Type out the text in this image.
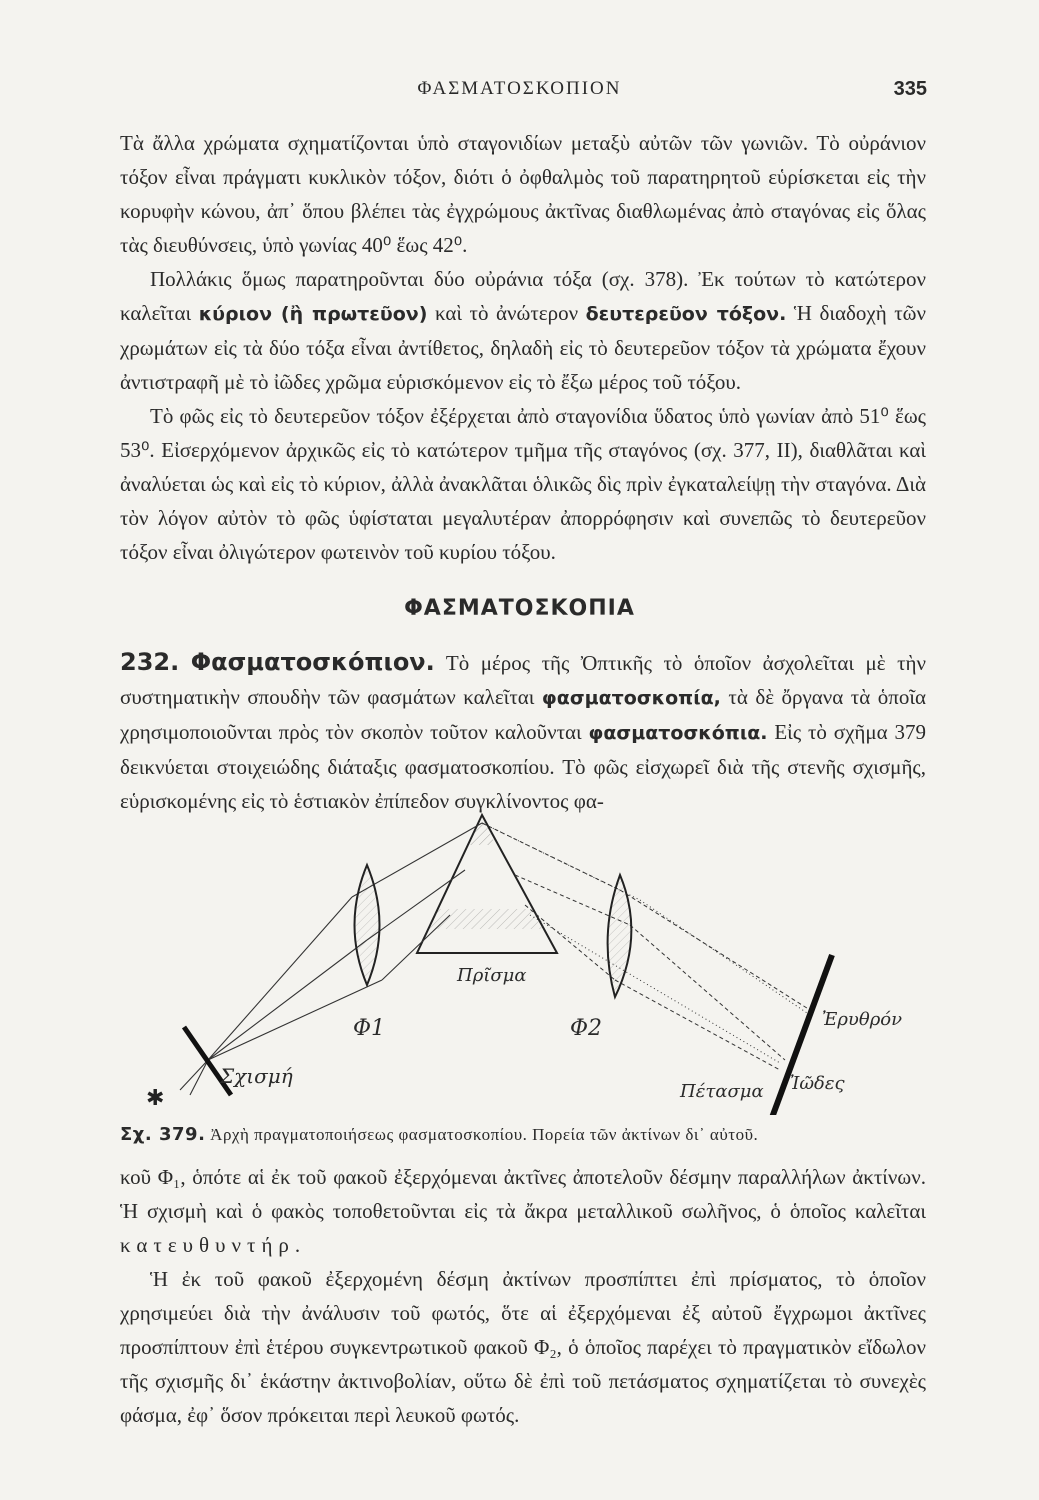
ΦΑΣΜΑΤΟΣΚΟΠΙΟΝ	335

Τὰ ἄλλα χρώματα σχηματίζονται ὑπὸ σταγονιδίων μεταξὺ αὐτῶν τῶν γωνιῶν. Τὸ οὐράνιον τόξον εἶναι πράγματι κυκλικὸν τόξον, διότι ὁ ὀφθαλμὸς τοῦ παρατηρητοῦ εὑρίσκεται εἰς τὴν κορυφὴν κώνου, ἀπ᾽ ὅπου βλέπει τὰς ἐγχρώμους ἀκτῖνας διαθλωμένας ἀπὸ σταγόνας εἰς ὅλας τὰς διευθύνσεις, ὑπὸ γωνίας 40⁰ ἕως 42⁰.

Πολλάκις ὅμως παρατηροῦνται δύο οὐράνια τόξα (σχ. 378). Ἐκ τούτων τὸ κατώτερον καλεῖται κύριον (ἢ πρωτεῦον) καὶ τὸ ἀνώτερον δευτερεῦον τόξον. Ἡ διαδοχὴ τῶν χρωμάτων εἰς τὰ δύο τόξα εἶναι ἀντίθετος, δηλαδὴ εἰς τὸ δευτερεῦον τόξον τὰ χρώματα ἔχουν ἀντιστραφῆ μὲ τὸ ἰῶδες χρῶμα εὑρισκόμενον εἰς τὸ ἔξω μέρος τοῦ τόξου.

Τὸ φῶς εἰς τὸ δευτερεῦον τόξον ἐξέρχεται ἀπὸ σταγονίδια ὕδατος ὑπὸ γωνίαν ἀπὸ 51⁰ ἕως 53⁰. Εἰσερχόμενον ἀρχικῶς εἰς τὸ κατώτερον τμῆμα τῆς σταγόνος (σχ. 377, II), διαθλᾶται καὶ ἀναλύεται ὡς καὶ εἰς τὸ κύριον, ἀλλὰ ἀνακλᾶται ὁλικῶς δὶς πρὶν ἐγκαταλείψῃ τὴν σταγόνα. Διὰ τὸν λόγον αὐτὸν τὸ φῶς ὑφίσταται μεγαλυτέραν ἀπορρόφησιν καὶ συνεπῶς τὸ δευτερεῦον τόξον εἶναι ὀλιγώτερον φωτεινὸν τοῦ κυρίου τόξου.

ΦΑΣΜΑΤΟΣΚΟΠΙΑ

232. Φασματοσκόπιον. Τὸ μέρος τῆς Ὀπτικῆς τὸ ὁποῖον ἀσχολεῖται μὲ τὴν συστηματικὴν σπουδὴν τῶν φασμάτων καλεῖται φασματοσκοπία, τὰ δὲ ὄργανα τὰ ὁποῖα χρησιμοποιοῦνται πρὸς τὸν σκοπὸν τοῦτον καλοῦνται φασματοσκόπια. Εἰς τὸ σχῆμα 379 δεικνύεται στοιχειώδης διάταξις φασματοσκοπίου. Τὸ φῶς εἰσχωρεῖ διὰ τῆς στενῆς σχισμῆς, εὑρισκομένης εἰς τὸ ἑστιακὸν ἐπίπεδον συγκλίνοντος φα-

✱
Σχισμή
Φ1
Πρῖσμα
Φ2	Ἐρυθρόν
Πέτασμα Ἰῶδες
Σχ. 379. Ἀρχὴ πραγματοποιήσεως φασματοσκοπίου. Πορεία τῶν ἀκτίνων δι᾽ αὐτοῦ.

κοῦ Φ₁, ὁπότε αἱ ἐκ τοῦ φακοῦ ἐξερχόμεναι ἀκτῖνες ἀποτελοῦν δέσμην παραλλήλων ἀκτίνων. Ἡ σχισμὴ καὶ ὁ φακὸς τοποθετοῦνται εἰς τὰ ἄκρα μεταλλικοῦ σωλῆνος, ὁ ὁποῖος καλεῖται κατευθυντήρ.

Ἡ ἐκ τοῦ φακοῦ ἐξερχομένη δέσμη ἀκτίνων προσπίπτει ἐπὶ πρίσματος, τὸ ὁποῖον χρησιμεύει διὰ τὴν ἀνάλυσιν τοῦ φωτός, ὅτε αἱ ἐξερχόμεναι ἐξ αὐτοῦ ἔγχρωμοι ἀκτῖνες προσπίπτουν ἐπὶ ἑτέρου συγκεντρωτικοῦ φακοῦ Φ₂, ὁ ὁποῖος παρέχει τὸ πραγματικὸν εἴδωλον τῆς σχισμῆς δι᾽ ἑκάστην ἀκτινοβολίαν, οὕτω δὲ ἐπὶ τοῦ πετάσματος σχηματίζεται τὸ συνεχὲς φάσμα, ἐφ᾽ ὅσον πρόκειται περὶ λευκοῦ φωτός.
